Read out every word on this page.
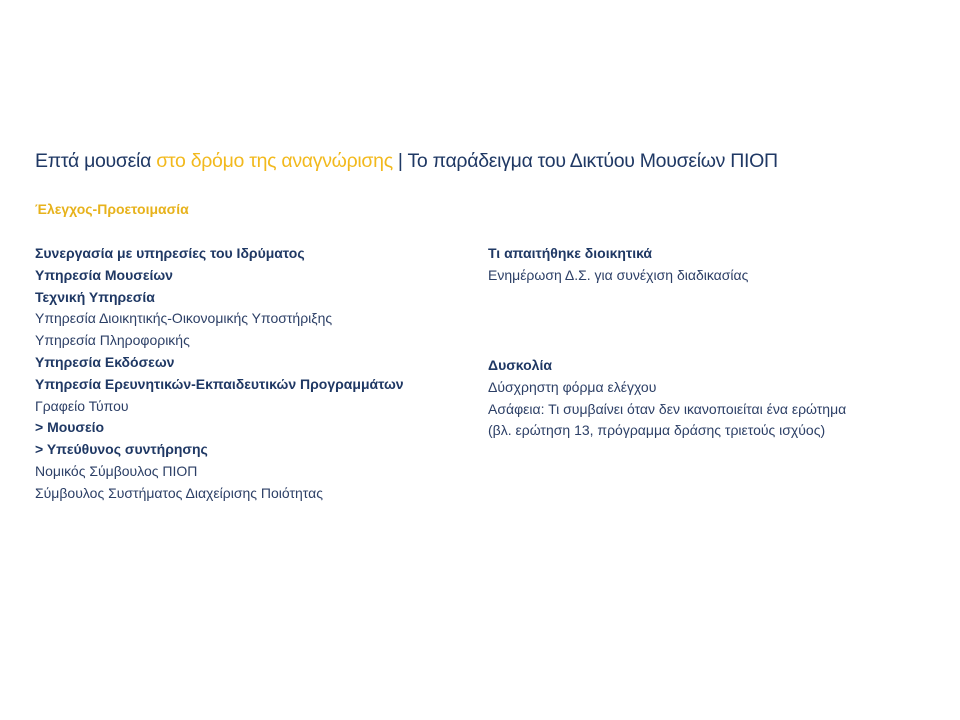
Επτά μουσεία στο δρόμο της αναγνώρισης | Το παράδειγμα του Δικτύου Μουσείων ΠΙΟΠ
Έλεγχος-Προετοιμασία
Συνεργασία με υπηρεσίες του Ιδρύματος
Υπηρεσία Μουσείων
Τεχνική Υπηρεσία
Υπηρεσία Διοικητικής-Οικονομικής Υποστήριξης
Υπηρεσία Πληροφορικής
Υπηρεσία Εκδόσεων
Υπηρεσία Ερευνητικών-Εκπαιδευτικών Προγραμμάτων
Γραφείο Τύπου
> Μουσείο
> Υπεύθυνος συντήρησης
Νομικός Σύμβουλος ΠΙΟΠ
Σύμβουλος Συστήματος Διαχείρισης Ποιότητας
Τι απαιτήθηκε διοικητικά
Ενημέρωση Δ.Σ. για συνέχιση διαδικασίας
Δυσκολία
Δύσχρηστη φόρμα ελέγχου
Ασάφεια: Τι συμβαίνει όταν δεν ικανοποιείται ένα ερώτημα
(βλ. ερώτηση 13, πρόγραμμα δράσης τριετούς ισχύος)
